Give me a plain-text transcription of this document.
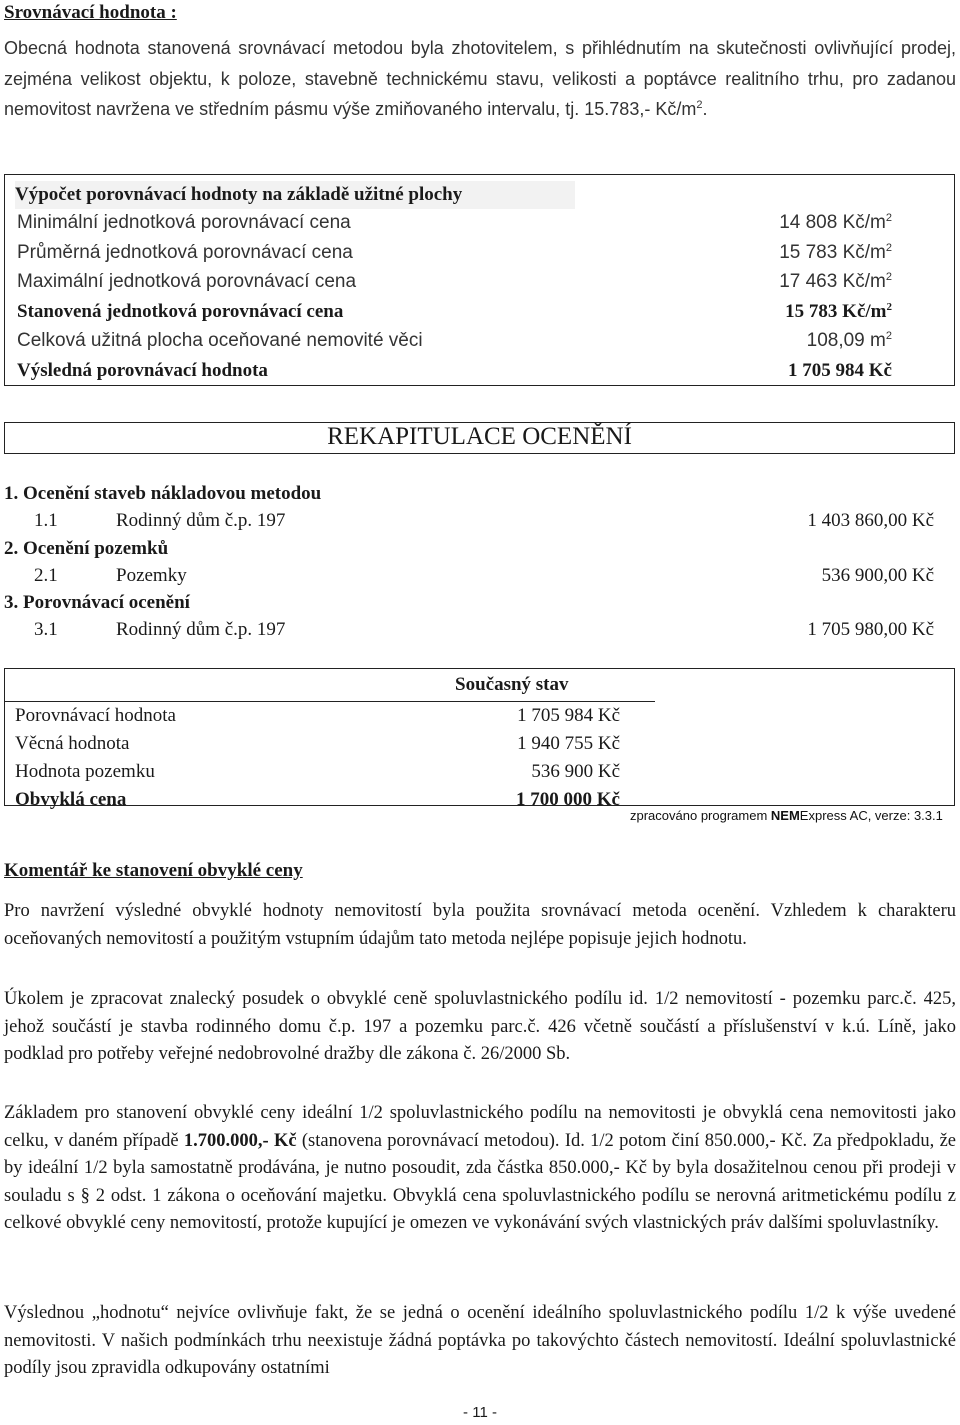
Srovnávací hodnota :
Obecná hodnota stanovená srovnávací metodou byla zhotovitelem, s přihlédnutím na skutečnosti ovlivňující prodej, zejména velikost objektu, k poloze, stavebně technickému stavu, velikosti a poptávce realitního trhu, pro zadanou nemovitost navržena ve středním pásmu výše zmiňovaného intervalu, tj. 15.783,- $Kč/m^2$.
Výpočet porovnávací hodnoty na základě užitné plochy
Minimální jednotková porovnávací cena	14 808 $Kč/m^2$
Průměrná jednotková porovnávací cena	15 783 $Kč/m^2$
Maximální jednotková porovnávací cena	17 463 $Kč/m^2$
Stanovená jednotková porovnávací cena	15 783 $Kč/m^2$
Celková užitná plocha oceňované nemovité věci	108,09 $m^2$
Výsledná porovnávací hodnota	1 705 984 Kč
REKAPITULACE OCENĚNÍ
1. Ocenění staveb nákladovou metodou
1.1	Rodinný dům č.p. 197	1 403 860,00 Kč
2. Ocenění pozemků
2.1	Pozemky	536 900,00 Kč
3. Porovnávací ocenění
3.1	Rodinný dům č.p. 197	1 705 980,00 Kč
Současný stav
Porovnávací hodnota	1 705 984 Kč
Věcná hodnota	1 940 755 Kč
Hodnota pozemku	536 900 Kč
Obvyklá cena	1 700 000 Kč
zpracováno programem NEMExpress AC, verze: 3.3.1
Komentář ke stanovení obvyklé ceny
Pro navržení výsledné obvyklé hodnoty nemovitostí byla použita srovnávací metoda ocenění. Vzhledem k charakteru oceňovaných nemovitostí a použitým vstupním údajům tato metoda nejlépe popisuje jejich hodnotu.
Úkolem je zpracovat znalecký posudek o obvyklé ceně spoluvlastnického podílu id. 1/2 nemovitostí - pozemku parc.č. 425, jehož součástí je stavba rodinného domu č.p. 197 a pozemku parc.č. 426 včetně součástí a příslušenství v k.ú. Líně, jako podklad pro potřeby veřejné nedobrovolné dražby dle zákona č. 26/2000 Sb.
Základem pro stanovení obvyklé ceny ideální 1/2 spoluvlastnického podílu na nemovitosti je obvyklá cena nemovitosti jako celku, v daném případě 1.700.000,- Kč (stanovena porovnávací metodou). Id. 1/2 potom činí 850.000,- Kč. Za předpokladu, že by ideální 1/2 byla samostatně prodávána, je nutno posoudit, zda částka 850.000,- Kč by byla dosažitelnou cenou při prodeji v souladu s § 2 odst. 1 zákona o oceňování majetku. Obvyklá cena spoluvlastnického podílu se nerovná aritmetickému podílu z celkové obvyklé ceny nemovitostí, protože kupující je omezen ve vykonávání svých vlastnických práv dalšími spoluvlastníky.
Výslednou „hodnotu“ nejvíce ovlivňuje fakt, že se jedná o ocenění ideálního spoluvlastnického podílu 1/2 k výše uvedené nemovitosti. V našich podmínkách trhu neexistuje žádná poptávka po takovýchto částech nemovitostí. Ideální spoluvlastnické podíly jsou zpravidla odkupovány ostatními
- 11 -
